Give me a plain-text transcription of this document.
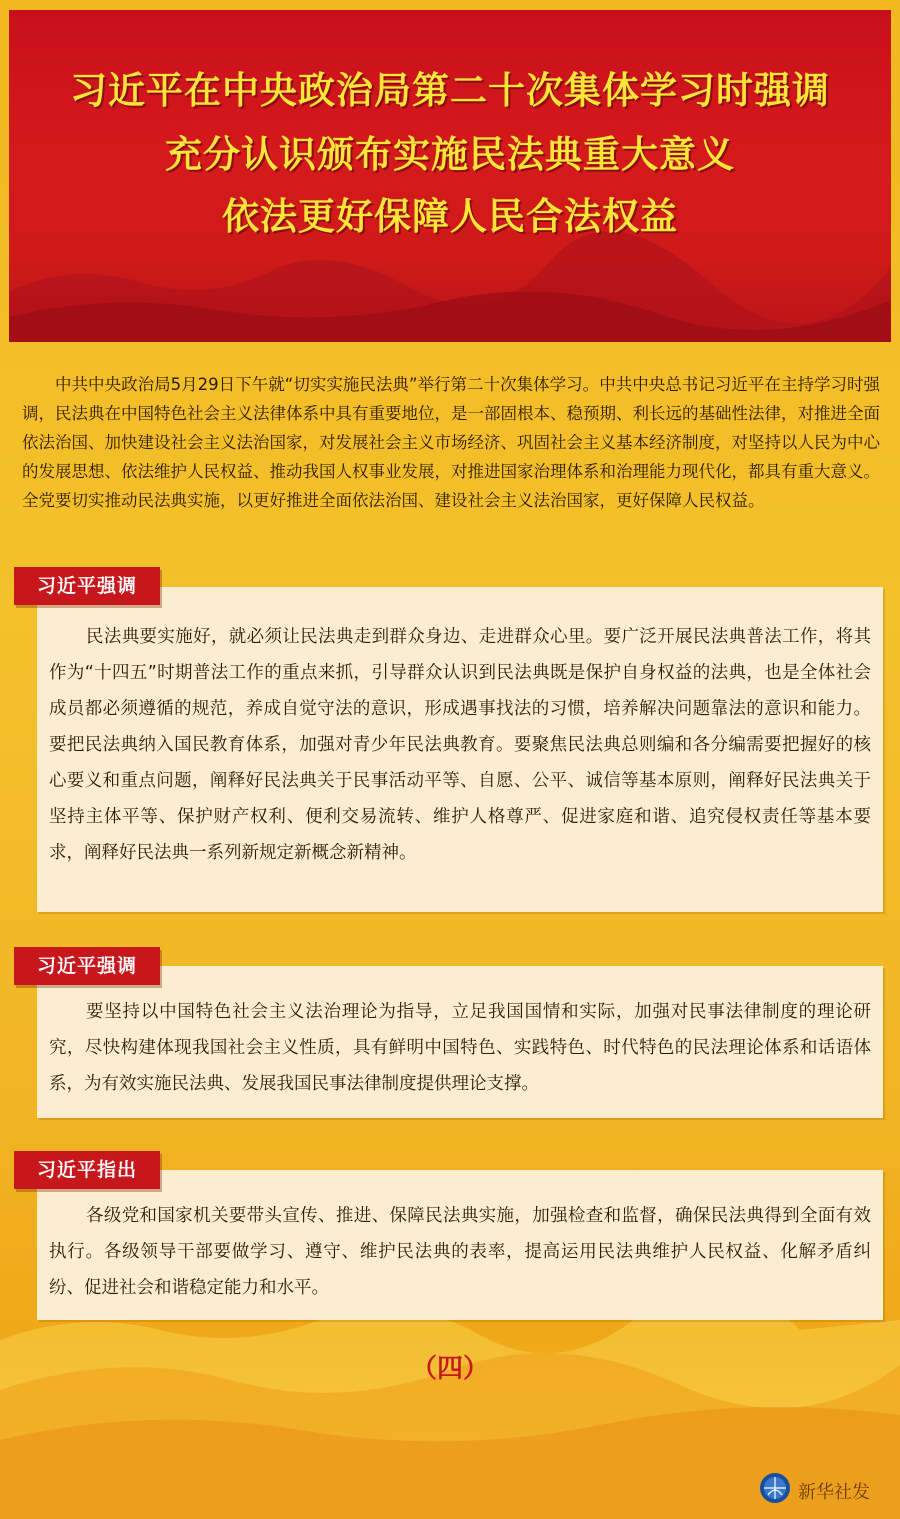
习近平在中央政治局第二十次集体学习时强调
充分认识颁布实施民法典重大意义
依法更好保障人民合法权益
中共中央政治局5月29日下午就“切实实施民法典”举行第二十次集体学习。中共中央总书记习近平在主持学习时强调，民法典在中国特色社会主义法律体系中具有重要地位，是一部固根本、稳预期、利长远的基础性法律，对推进全面依法治国、加快建设社会主义法治国家，对发展社会主义市场经济、巩固社会主义基本经济制度，对坚持以人民为中心的发展思想、依法维护人民权益、推动我国人权事业发展，对推进国家治理体系和治理能力现代化，都具有重大意义。全党要切实推动民法典实施，以更好推进全面依法治国、建设社会主义法治国家，更好保障人民权益。
民法典要实施好，就必须让民法典走到群众身边、走进群众心里。要广泛开展民法典普法工作，将其作为“十四五”时期普法工作的重点来抓，引导群众认识到民法典既是保护自身权益的法典，也是全体社会成员都必须遵循的规范，养成自觉守法的意识，形成遇事找法的习惯，培养解决问题靠法的意识和能力。要把民法典纳入国民教育体系，加强对青少年民法典教育。要聚焦民法典总则编和各分编需要把握好的核心要义和重点问题，阐释好民法典关于民事活动平等、自愿、公平、诚信等基本原则，阐释好民法典关于坚持主体平等、保护财产权利、便利交易流转、维护人格尊严、促进家庭和谐、追究侵权责任等基本要求，阐释好民法典一系列新规定新概念新精神。
习近平强调
要坚持以中国特色社会主义法治理论为指导，立足我国国情和实际，加强对民事法律制度的理论研究，尽快构建体现我国社会主义性质，具有鲜明中国特色、实践特色、时代特色的民法理论体系和话语体系，为有效实施民法典、发展我国民事法律制度提供理论支撑。
习近平强调
各级党和国家机关要带头宣传、推进、保障民法典实施，加强检查和监督，确保民法典得到全面有效执行。各级领导干部要做学习、遵守、维护民法典的表率，提高运用民法典维护人民权益、化解矛盾纠纷、促进社会和谐稳定能力和水平。
习近平指出
（四）
新华社发
